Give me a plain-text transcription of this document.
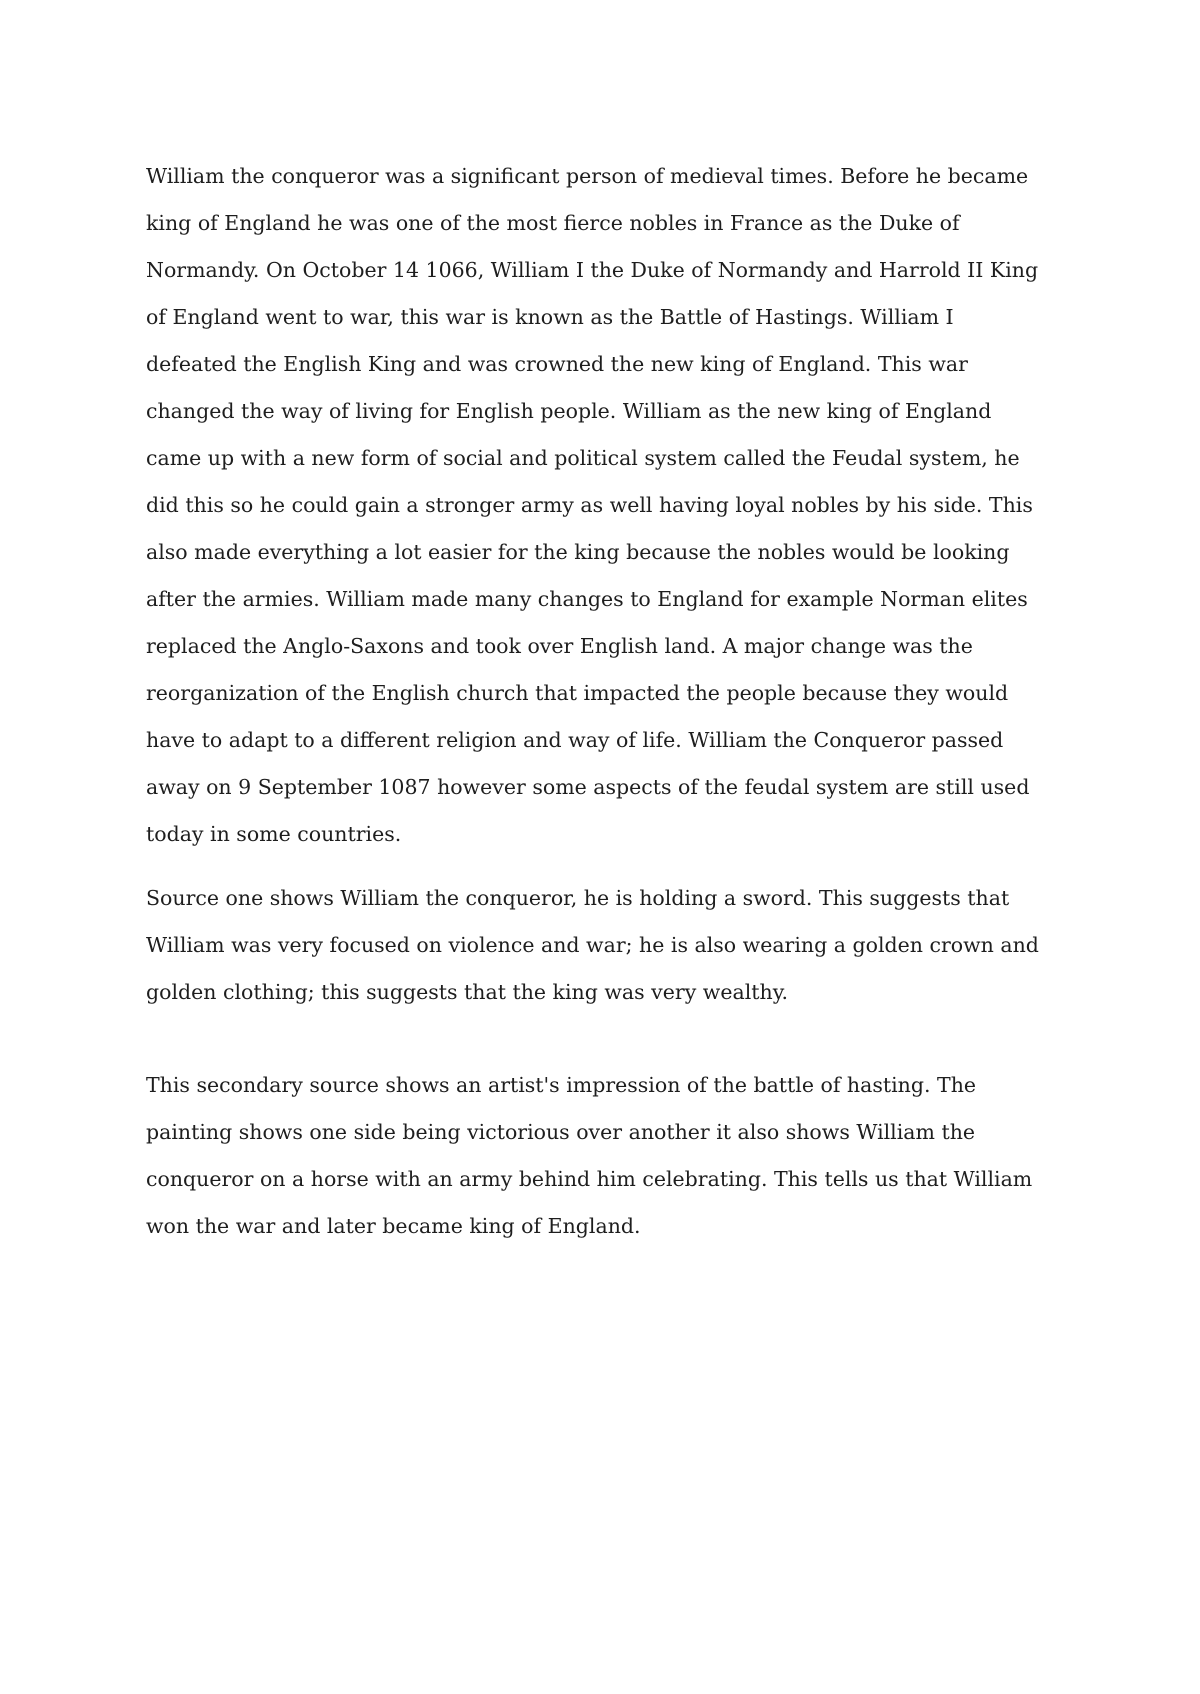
William the conqueror was a significant person of medieval times. Before he became

king of England he was one of the most fierce nobles in France as the Duke of

Normandy. On October 14 1066, William I the Duke of Normandy and Harrold II King

of England went to war, this war is known as the Battle of Hastings. William I

defeated the English King and was crowned the new king of England. This war

changed the way of living for English people. William as the new king of England

came up with a new form of social and political system called the Feudal system, he

did this so he could gain a stronger army as well having loyal nobles by his side. This

also made everything a lot easier for the king because the nobles would be looking

after the armies. William made many changes to England for example Norman elites

replaced the Anglo-Saxons and took over English land. A major change was the

reorganization of the English church that impacted the people because they would

have to adapt to a different religion and way of life. William the Conqueror passed

away on 9 September 1087 however some aspects of the feudal system are still used

today in some countries.

Source one shows William the conqueror, he is holding a sword. This suggests that

William was very focused on violence and war; he is also wearing a golden crown and

golden clothing; this suggests that the king was very wealthy.

This secondary source shows an artist's impression of the battle of hasting. The

painting shows one side being victorious over another it also shows William the

conqueror on a horse with an army behind him celebrating. This tells us that William

won the war and later became king of England.
